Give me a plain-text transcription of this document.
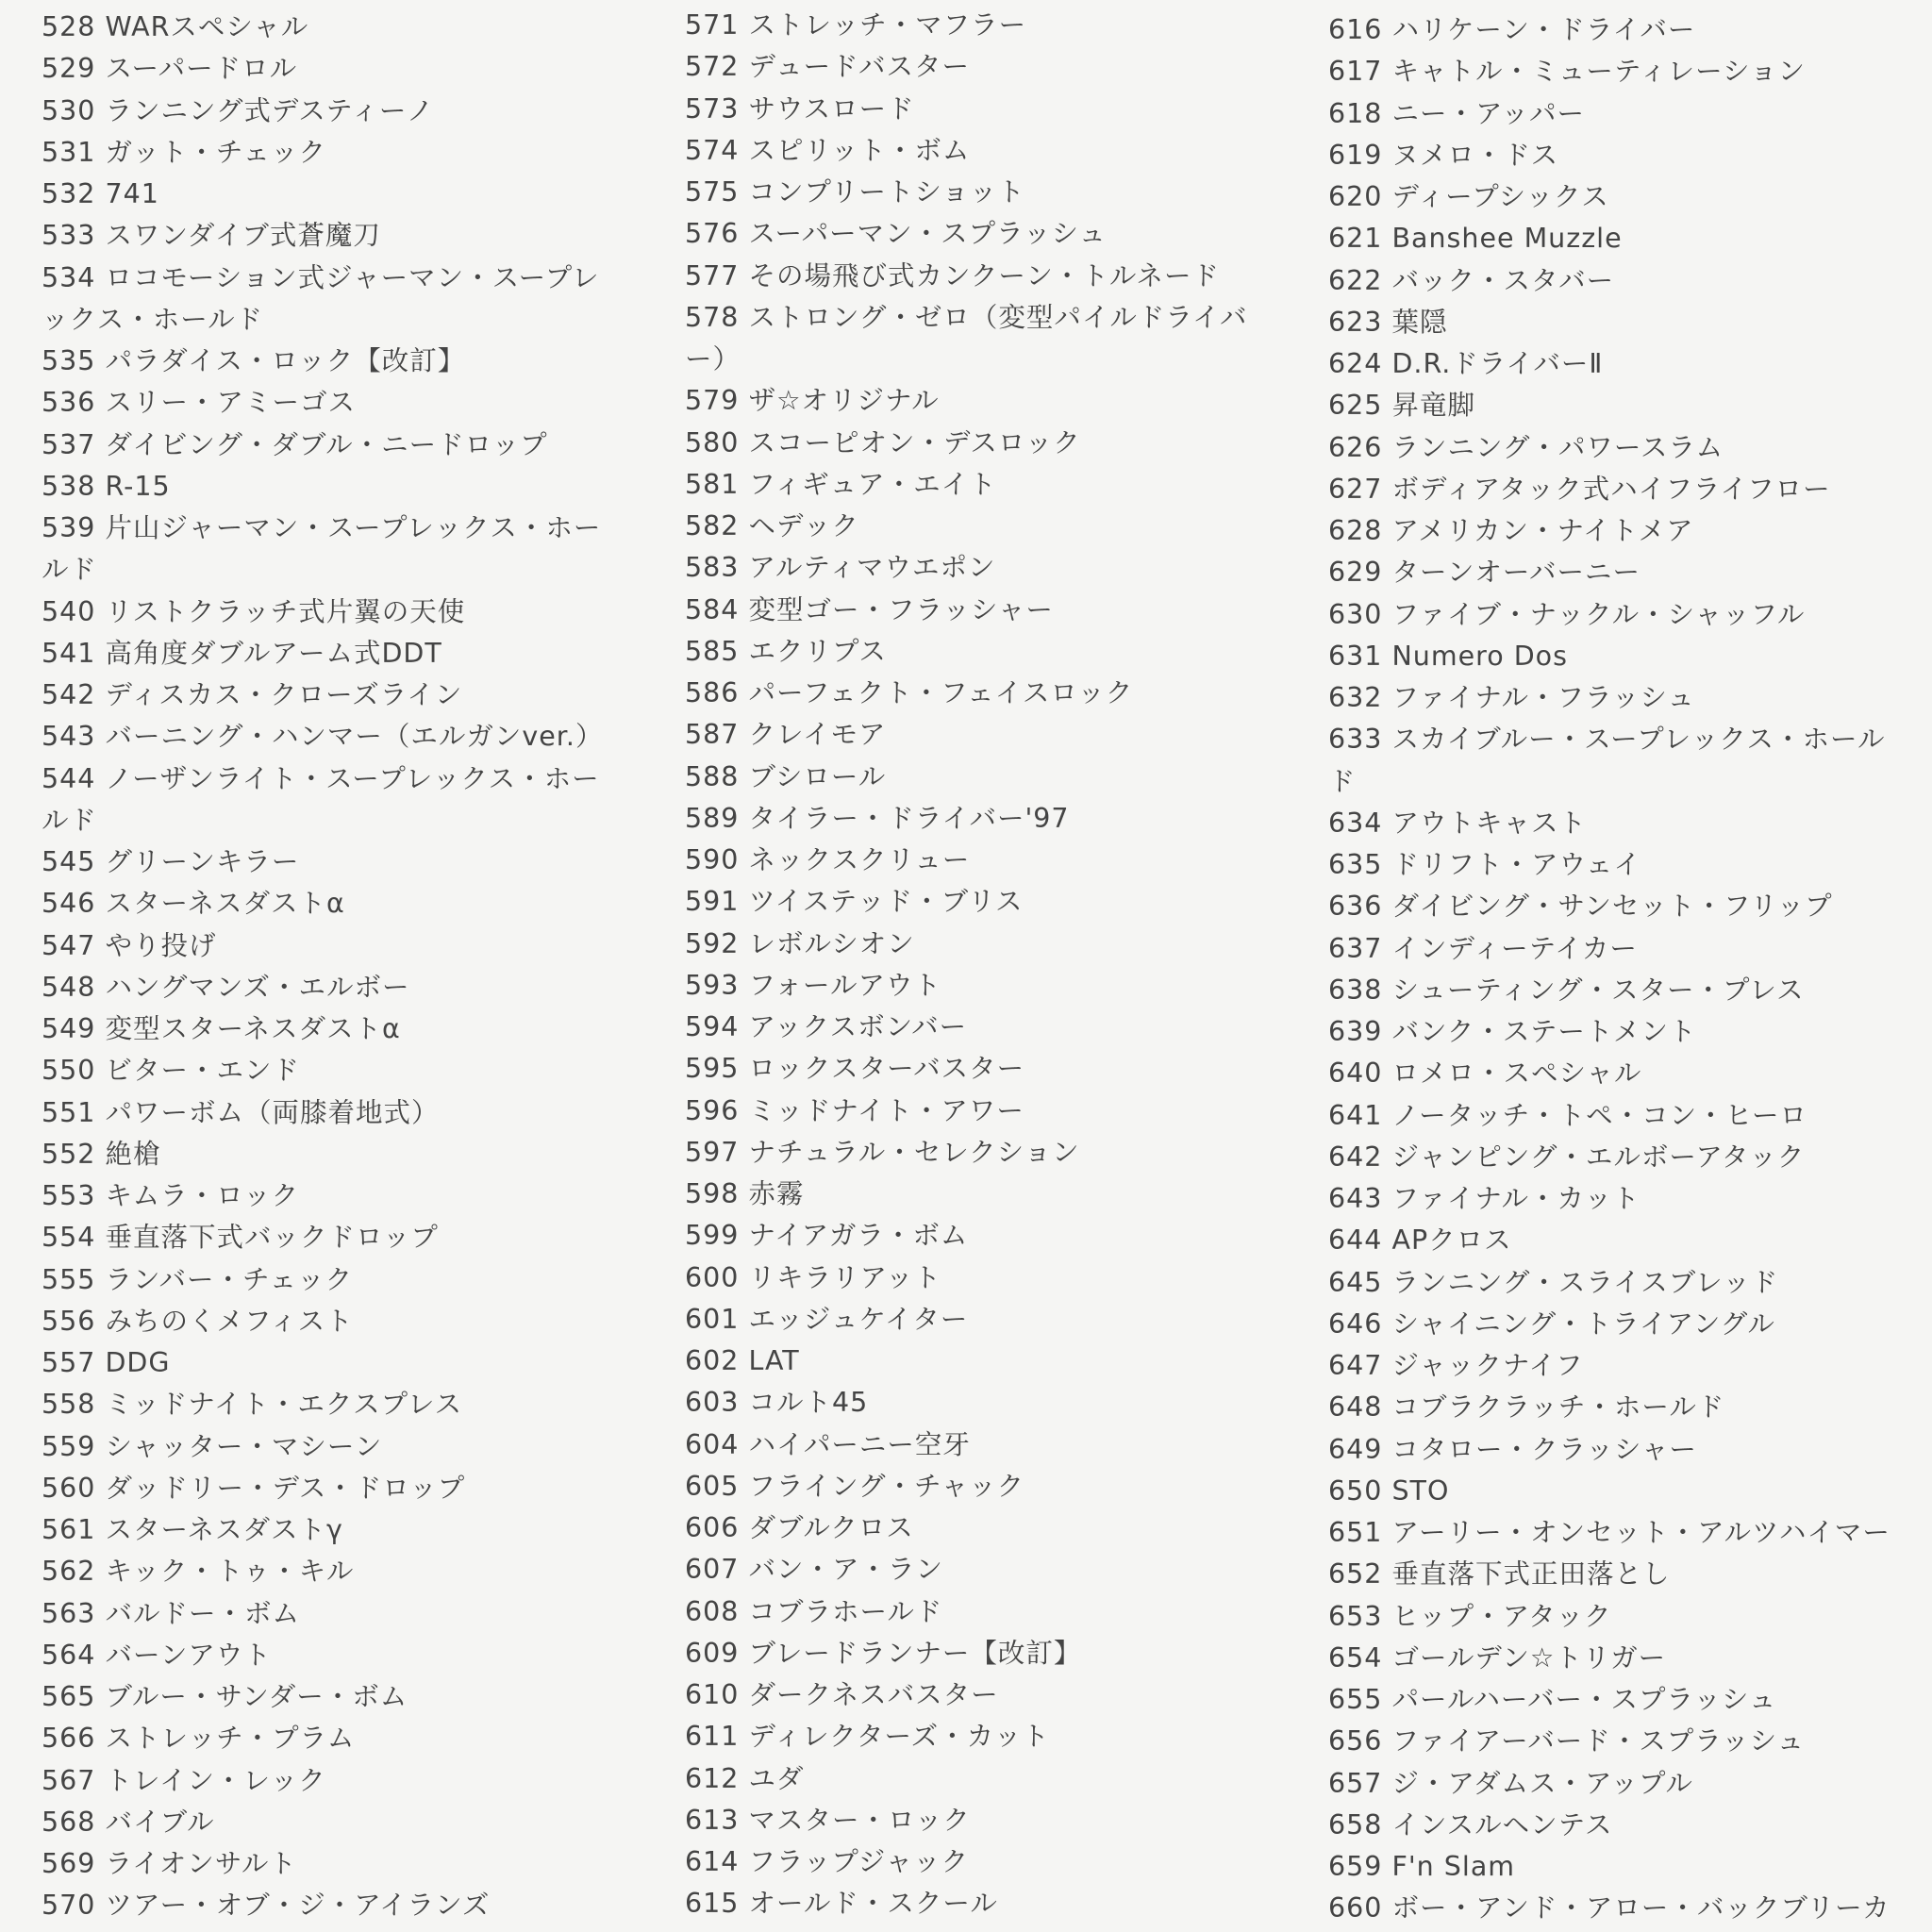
528 WARスペシャル
529 スーパードロル
530 ランニング式デスティーノ
531 ガット・チェック
532 741
533 スワンダイブ式蒼魔刀
534 ロコモーション式ジャーマン・スープレックス・ホールド
535 パラダイス・ロック【改訂】
536 スリー・アミーゴス
537 ダイビング・ダブル・ニードロップ
538 R-15
539 片山ジャーマン・スープレックス・ホールド
540 リストクラッチ式片翼の天使
541 高角度ダブルアーム式DDT
542 ディスカス・クローズライン
543 バーニング・ハンマー（エルガンver.）
544 ノーザンライト・スープレックス・ホールド
545 グリーンキラー
546 スターネスダストα
547 やり投げ
548 ハングマンズ・エルボー
549 変型スターネスダストα
550 ビター・エンド
551 パワーボム（両膝着地式）
552 絶槍
553 キムラ・ロック
554 垂直落下式バックドロップ
555 ランバー・チェック
556 みちのくメフィスト
557 DDG
558 ミッドナイト・エクスプレス
559 シャッター・マシーン
560 ダッドリー・デス・ドロップ
561 スターネスダストγ
562 キック・トゥ・キル
563 バルドー・ボム
564 バーンアウト
565 ブルー・サンダー・ボム
566 ストレッチ・プラム
567 トレイン・レック
568 バイブル
569 ライオンサルト
570 ツアー・オブ・ジ・アイランズ
571 ストレッチ・マフラー
572 デュードバスター
573 サウスロード
574 スピリット・ボム
575 コンプリートショット
576 スーパーマン・スプラッシュ
577 その場飛び式カンクーン・トルネード
578 ストロング・ゼロ（変型パイルドライバー）
579 ザ☆オリジナル
580 スコーピオン・デスロック
581 フィギュア・エイト
582 ヘデック
583 アルティマウエポン
584 変型ゴー・フラッシャー
585 エクリプス
586 パーフェクト・フェイスロック
587 クレイモア
588 ブシロール
589 タイラー・ドライバー'97
590 ネックスクリュー
591 ツイステッド・ブリス
592 レボルシオン
593 フォールアウト
594 アックスボンバー
595 ロックスターバスター
596 ミッドナイト・アワー
597 ナチュラル・セレクション
598 赤霧
599 ナイアガラ・ボム
600 リキラリアット
601 エッジュケイター
602 LAT
603 コルト45
604 ハイパーニー空牙
605 フライング・チャック
606 ダブルクロス
607 バン・ア・ラン
608 コブラホールド
609 ブレードランナー【改訂】
610 ダークネスバスター
611 ディレクターズ・カット
612 ユダ
613 マスター・ロック
614 フラップジャック
615 オールド・スクール
616 ハリケーン・ドライバー
617 キャトル・ミューティレーション
618 ニー・アッパー
619 ヌメロ・ドス
620 ディープシックス
621 Banshee Muzzle
622 バック・スタバー
623 葉隠
624 D.R.ドライバーⅡ
625 昇竜脚
626 ランニング・パワースラム
627 ボディアタック式ハイフライフロー
628 アメリカン・ナイトメア
629 ターンオーバーニー
630 ファイブ・ナックル・シャッフル
631 Numero Dos
632 ファイナル・フラッシュ
633 スカイブルー・スープレックス・ホールド
634 アウトキャスト
635 ドリフト・アウェイ
636 ダイビング・サンセット・フリップ
637 インディーテイカー
638 シューティング・スター・プレス
639 バンク・ステートメント
640 ロメロ・スペシャル
641 ノータッチ・トペ・コン・ヒーロ
642 ジャンピング・エルボーアタック
643 ファイナル・カット
644 APクロス
645 ランニング・スライスブレッド
646 シャイニング・トライアングル
647 ジャックナイフ
648 コブラクラッチ・ホールド
649 コタロー・クラッシャー
650 STO
651 アーリー・オンセット・アルツハイマー
652 垂直落下式正田落とし
653 ヒップ・アタック
654 ゴールデン☆トリガー
655 パールハーバー・スプラッシュ
656 ファイアーバード・スプラッシュ
657 ジ・アダムス・アップル
658 インスルヘンテス
659 F'n Slam
660 ボー・アンド・アロー・バックブリーカ
